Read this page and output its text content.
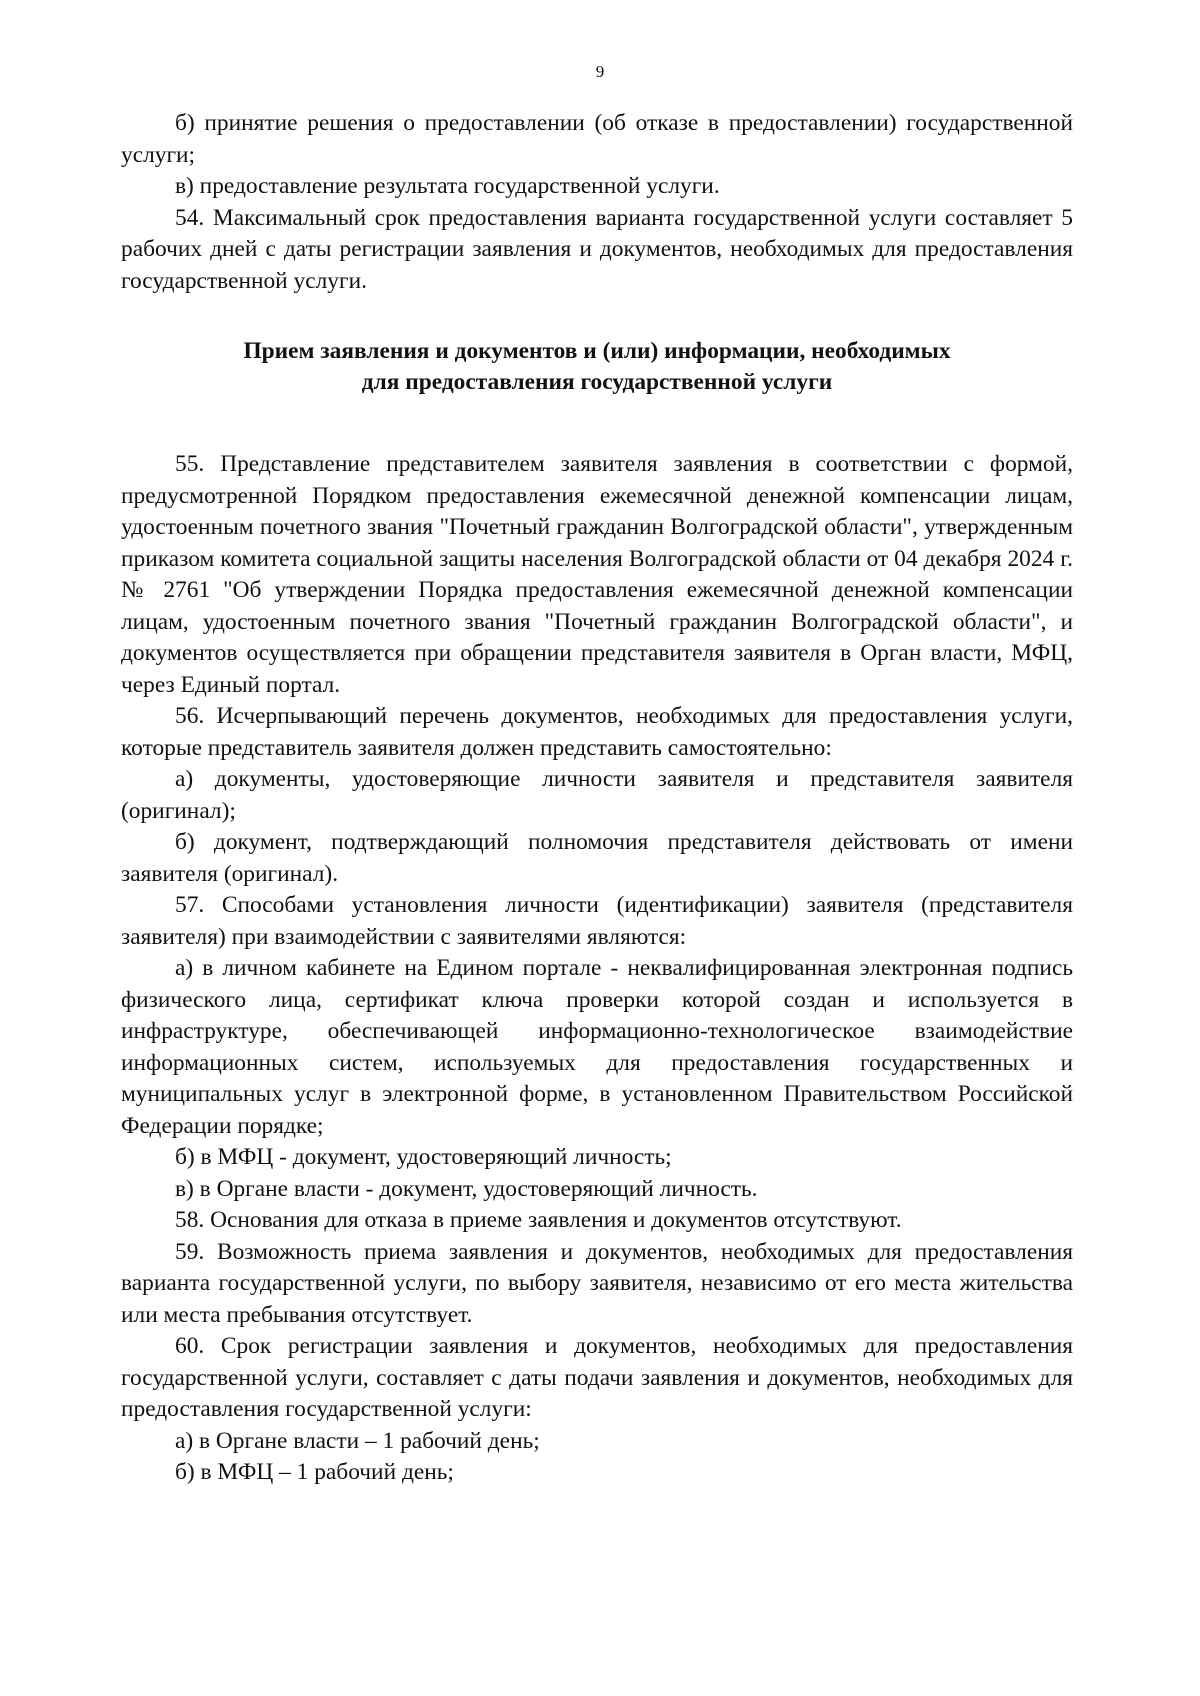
9

б) принятие решения о предоставлении (об отказе в предоставлении) государственной услуги;

в) предоставление результата государственной услуги.

54. Максимальный срок предоставления варианта государственной услуги составляет 5 рабочих дней с даты регистрации заявления и документов, необходимых для предоставления государственной услуги.

Прием заявления и документов и (или) информации, необходимых
для предоставления государственной услуги

55. Представление представителем заявителя заявления в соответствии с формой, предусмотренной Порядком предоставления ежемесячной денежной компенсации лицам, удостоенным почетного звания "Почетный гражданин Волгоградской области", утвержденным приказом комитета социальной защиты населения Волгоградской области от 04 декабря 2024 г. № 2761 "Об утверждении Порядка предоставления ежемесячной денежной компенсации лицам, удостоенным почетного звания "Почетный гражданин Волгоградской области", и документов осуществляется при обращении представителя заявителя в Орган власти, МФЦ, через Единый портал.

56. Исчерпывающий перечень документов, необходимых для предоставления услуги, которые представитель заявителя должен представить самостоятельно:

а) документы, удостоверяющие личности заявителя и представителя заявителя (оригинал);

б) документ, подтверждающий полномочия представителя действовать от имени заявителя (оригинал).

57. Способами установления личности (идентификации) заявителя (представителя заявителя) при взаимодействии с заявителями являются:

а) в личном кабинете на Едином портале - неквалифицированная электронная подпись физического лица, сертификат ключа проверки которой создан и используется в инфраструктуре, обеспечивающей информационно-технологическое взаимодействие информационных систем, используемых для предоставления государственных и муниципальных услуг в электронной форме, в установленном Правительством Российской Федерации порядке;

б) в МФЦ - документ, удостоверяющий личность;

в) в Органе власти - документ, удостоверяющий личность.

58. Основания для отказа в приеме заявления и документов отсутствуют.

59. Возможность приема заявления и документов, необходимых для предоставления варианта государственной услуги, по выбору заявителя, независимо от его места жительства или места пребывания отсутствует.

60. Срок регистрации заявления и документов, необходимых для предоставления государственной услуги, составляет с даты подачи заявления и документов, необходимых для предоставления государственной услуги:

а) в Органе власти – 1 рабочий день;

б) в МФЦ – 1 рабочий день;
